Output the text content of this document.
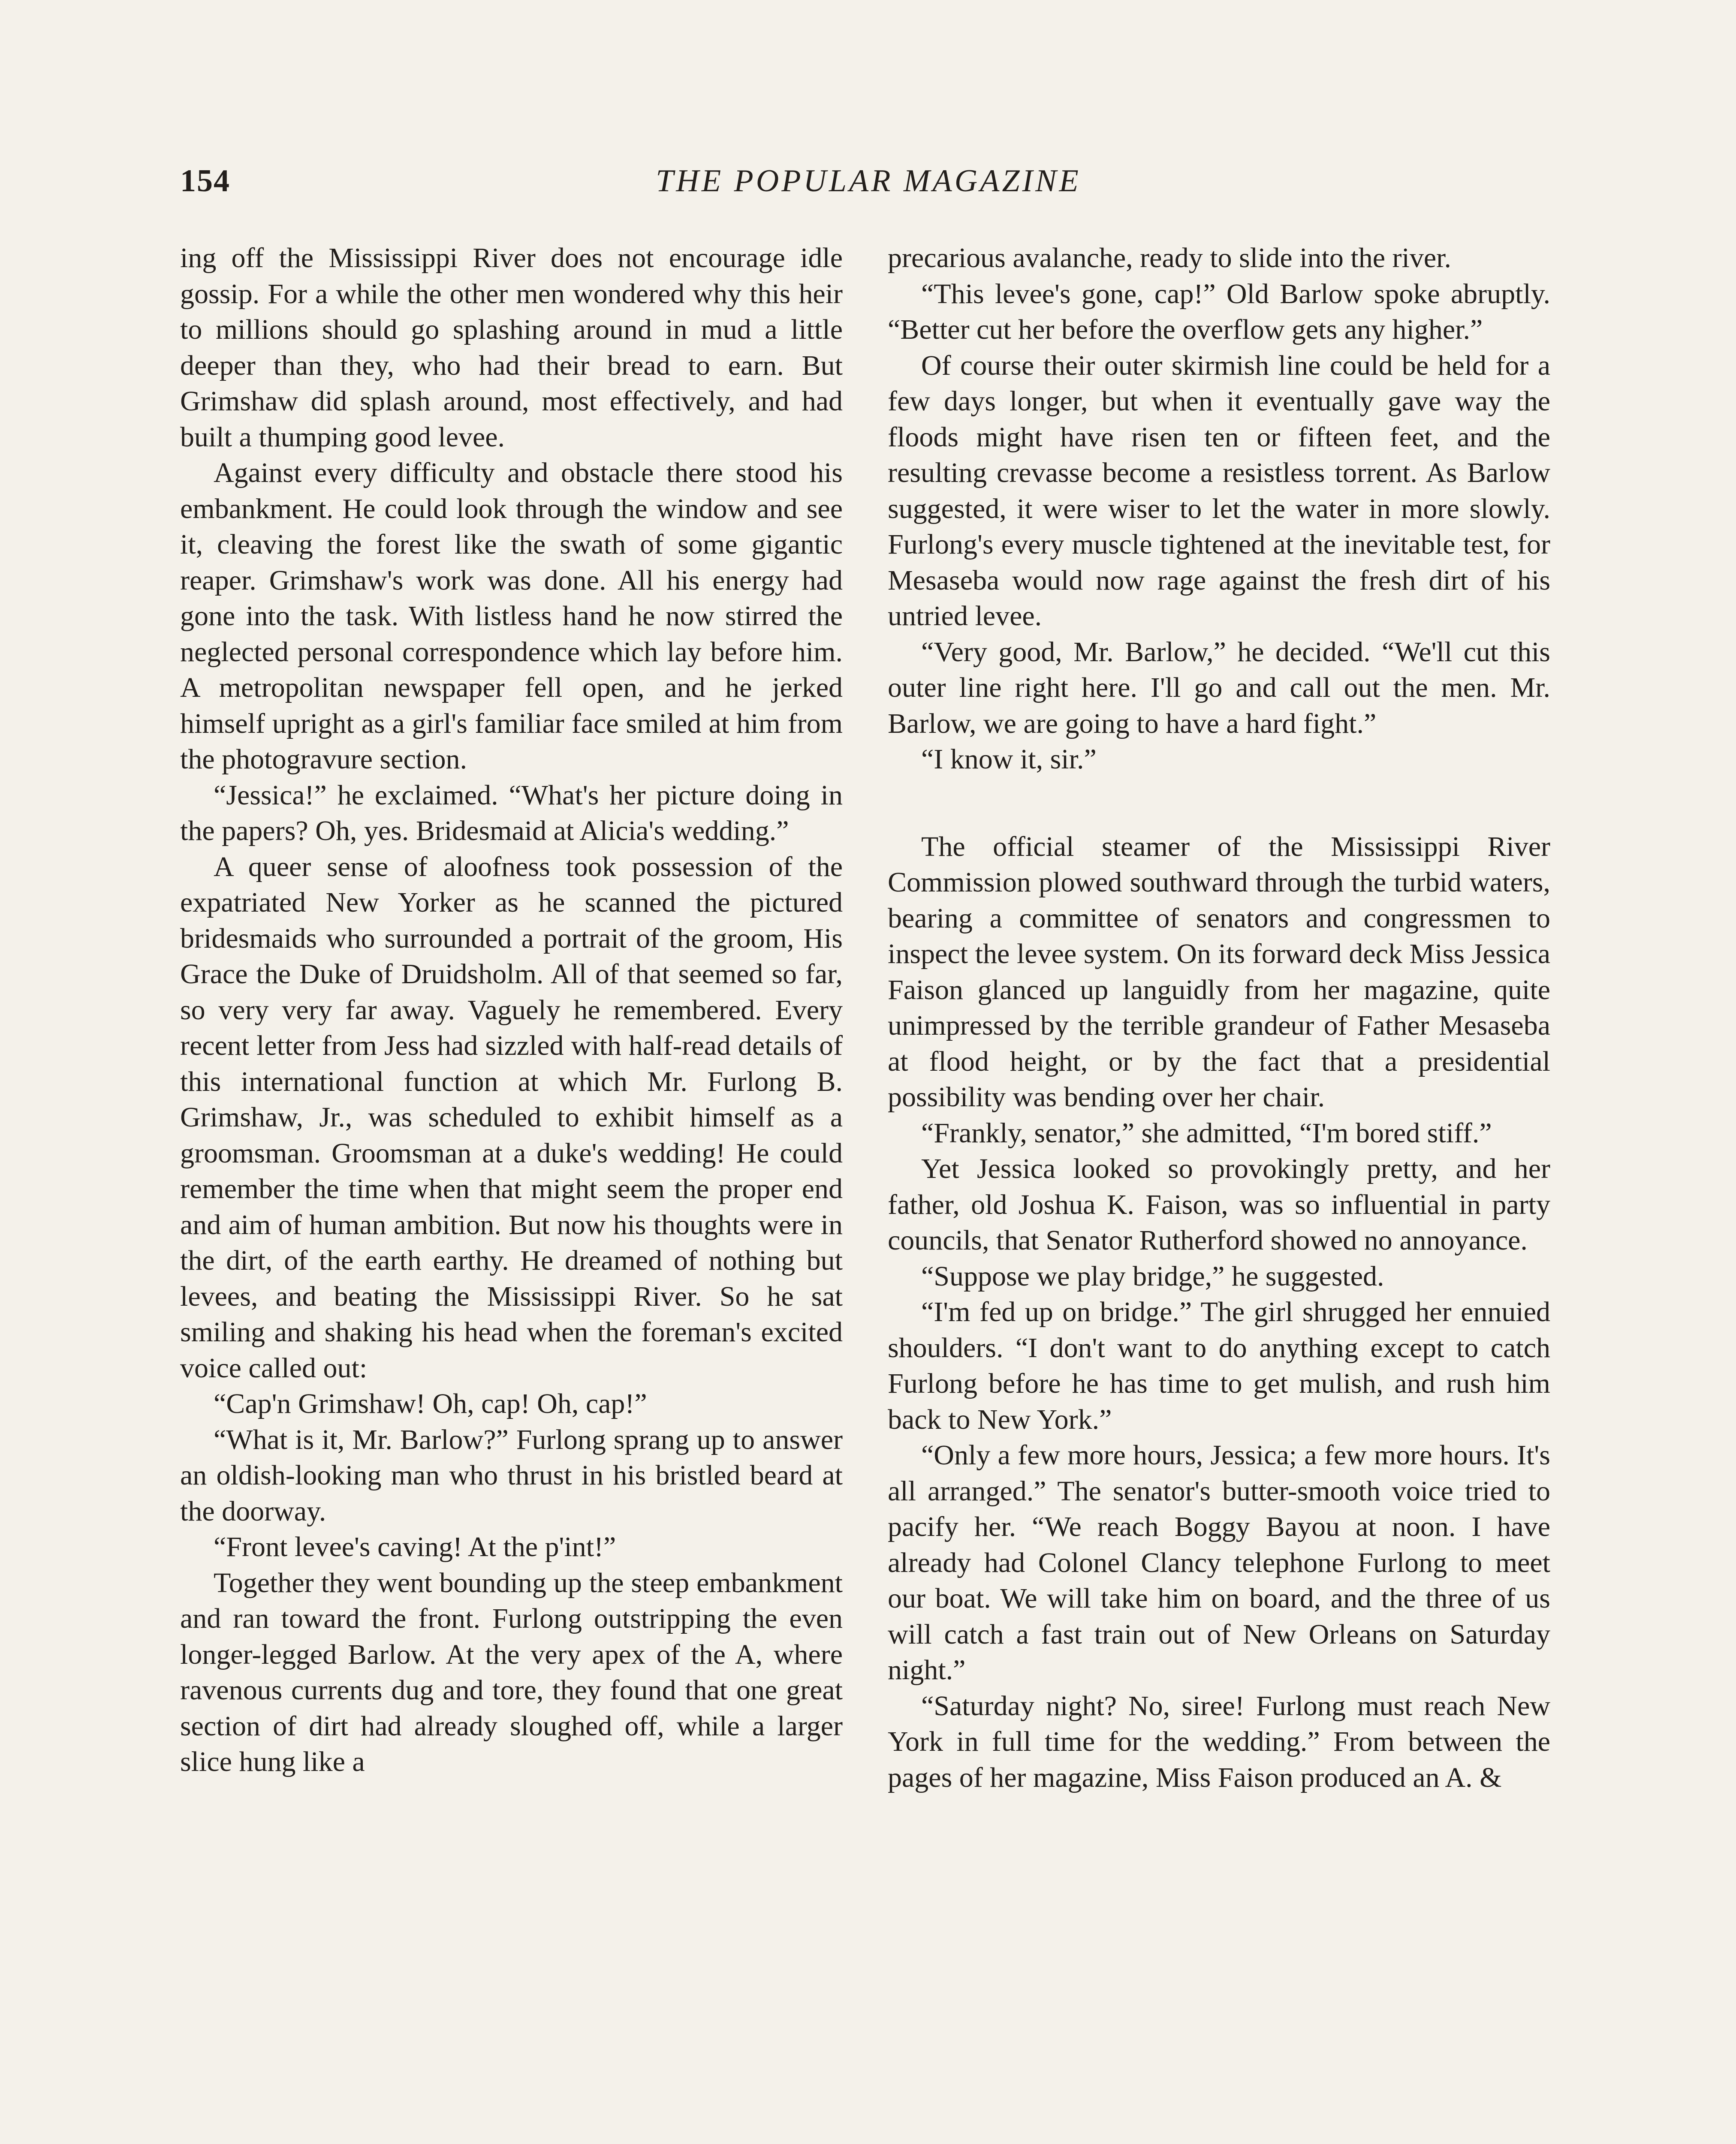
154	THE POPULAR MAGAZINE

ing off the Mississippi River does not encourage idle gossip. For a while the other men wondered why this heir to millions should go splashing around in mud a little deeper than they, who had their bread to earn. But Grimshaw did splash around, most effectively, and had built a thumping good levee.

Against every difficulty and obstacle there stood his embankment. He could look through the window and see it, cleaving the forest like the swath of some gigantic reaper. Grimshaw's work was done. All his energy had gone into the task. With listless hand he now stirred the neglected personal correspondence which lay before him. A metropolitan newspaper fell open, and he jerked himself upright as a girl's familiar face smiled at him from the photogravure section.

“Jessica!” he exclaimed. “What's her picture doing in the papers? Oh, yes. Bridesmaid at Alicia's wedding.”

A queer sense of aloofness took possession of the expatriated New Yorker as he scanned the pictured bridesmaids who surrounded a portrait of the groom, His Grace the Duke of Druidsholm. All of that seemed so far, so very very far away. Vaguely he remembered. Every recent letter from Jess had sizzled with half-read details of this international function at which Mr. Furlong B. Grimshaw, Jr., was scheduled to exhibit himself as a groomsman. Groomsman at a duke's wedding! He could remember the time when that might seem the proper end and aim of human ambition. But now his thoughts were in the dirt, of the earth earthy. He dreamed of nothing but levees, and beating the Mississippi River. So he sat smiling and shaking his head when the foreman's excited voice called out:

“Cap'n Grimshaw! Oh, cap! Oh, cap!”

“What is it, Mr. Barlow?” Furlong sprang up to answer an oldish-looking man who thrust in his bristled beard at the doorway.

“Front levee's caving! At the p'int!”

Together they went bounding up the steep embankment and ran toward the front. Furlong outstripping the even longer-legged Barlow. At the very apex of the A, where ravenous currents dug and tore, they found that one great section of dirt had already sloughed off, while a larger slice hung like a

precarious avalanche, ready to slide into the river.

“This levee's gone, cap!” Old Barlow spoke abruptly. “Better cut her before the overflow gets any higher.”

Of course their outer skirmish line could be held for a few days longer, but when it eventually gave way the floods might have risen ten or fifteen feet, and the resulting crevasse become a resistless torrent. As Barlow suggested, it were wiser to let the water in more slowly. Furlong's every muscle tightened at the inevitable test, for Mesaseba would now rage against the fresh dirt of his untried levee.

“Very good, Mr. Barlow,” he decided. “We'll cut this outer line right here. I'll go and call out the men. Mr. Barlow, we are going to have a hard fight.”

“I know it, sir.”

The official steamer of the Mississippi River Commission plowed southward through the turbid waters, bearing a committee of senators and congressmen to inspect the levee system. On its forward deck Miss Jessica Faison glanced up languidly from her magazine, quite unimpressed by the terrible grandeur of Father Mesaseba at flood height, or by the fact that a presidential possibility was bending over her chair.

“Frankly, senator,” she admitted, “I'm bored stiff.”

Yet Jessica looked so provokingly pretty, and her father, old Joshua K. Faison, was so influential in party councils, that Senator Rutherford showed no annoyance.

“Suppose we play bridge,” he suggested.

“I'm fed up on bridge.” The girl shrugged her ennuied shoulders. “I don't want to do anything except to catch Furlong before he has time to get mulish, and rush him back to New York.”

“Only a few more hours, Jessica; a few more hours. It's all arranged.” The senator's butter-smooth voice tried to pacify her. “We reach Boggy Bayou at noon. I have already had Colonel Clancy telephone Furlong to meet our boat. We will take him on board, and the three of us will catch a fast train out of New Orleans on Saturday night.”

“Saturday night? No, siree! Furlong must reach New York in full time for the wedding.” From between the pages of her magazine, Miss Faison produced an A. &
